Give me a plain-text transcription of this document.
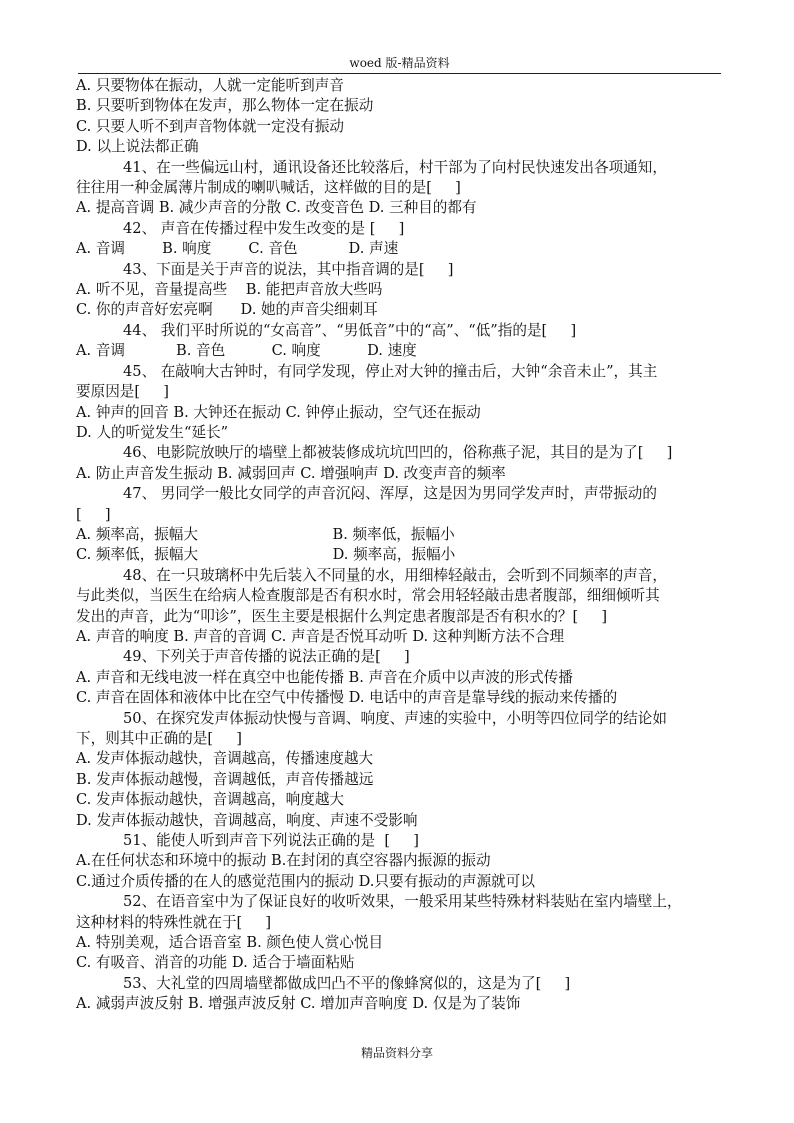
woed 版-精品资料
A. 只要物体在振动，人就一定能听到声音
B. 只要听到物体在发声，那么物体一定在振动
C. 只要人听不到声音物体就一定没有振动
D. 以上说法都正确
41、在一些偏远山村，通讯设备还比较落后，村干部为了向村民快速发出各项通知，
往往用一种金属薄片制成的喇叭喊话，这样做的目的是[     ]
A. 提高音调 B. 减少声音的分散 C. 改变音色 D. 三种目的都有
42、 声音在传播过程中发生改变的是 [     ]
A. 音调        B. 响度        C. 音色           D. 声速
43、下面是关于声音的说法，其中指音调的是[     ]
A. 听不见，音量提高些    B. 能把声音放大些吗
C. 你的声音好宏亮啊      D. 她的声音尖细刺耳
44、 我们平时所说的“女高音”、“男低音”中的“高”、“低”指的是[     ]
A. 音调           B. 音色          C. 响度          D. 速度
45、 在敲响大古钟时，有同学发现，停止对大钟的撞击后，大钟“余音未止”，其主
要原因是[     ]
A. 钟声的回音 B. 大钟还在振动 C. 钟停止振动，空气还在振动
D. 人的听觉发生“延长”
46、电影院放映厅的墙壁上都被装修成坑坑凹凹的，俗称燕子泥，其目的是为了[     ]
A. 防止声音发生振动 B. 减弱回声 C. 增强响声 D. 改变声音的频率
47、 男同学一般比女同学的声音沉闷、浑厚，这是因为男同学发声时，声带振动的
[     ]
A. 频率高，振幅大                             B. 频率低，振幅小
C. 频率低，振幅大                             D. 频率高，振幅小
48、在一只玻璃杯中先后装入不同量的水，用细棒轻敲击，会听到不同频率的声音，
与此类似，当医生在给病人检查腹部是否有积水时，常会用轻轻敲击患者腹部，细细倾听其
发出的声音，此为“叩诊”，医生主要是根据什么判定患者腹部是否有积水的？[     ]
A. 声音的响度 B. 声音的音调 C. 声音是否悦耳动听 D. 这种判断方法不合理
49、下列关于声音传播的说法正确的是[     ]
A. 声音和无线电波一样在真空中也能传播 B. 声音在介质中以声波的形式传播
C. 声音在固体和液体中比在空气中传播慢 D. 电话中的声音是靠导线的振动来传播的
50、在探究发声体振动快慢与音调、响度、声速的实验中，小明等四位同学的结论如
下，则其中正确的是[     ]
A. 发声体振动越快，音调越高，传播速度越大
B. 发声体振动越慢，音调越低，声音传播越远
C. 发声体振动越快，音调越高，响度越大
D. 发声体振动越快，音调越高，响度、声速不受影响
51、能使人听到声音下列说法正确的是  [     ]
A.在任何状态和环境中的振动 B.在封闭的真空容器内振源的振动
C.通过介质传播的在人的感觉范围内的振动 D.只要有振动的声源就可以
52、在语音室中为了保证良好的收听效果，一般采用某些特殊材料装贴在室内墙壁上，
这种材料的特殊性就在于[     ]
A. 特别美观，适合语音室 B. 颜色使人赏心悦目
C. 有吸音、消音的功能 D. 适合于墙面粘贴
53、大礼堂的四周墙壁都做成凹凸不平的像蜂窝似的，这是为了[     ]
A. 减弱声波反射 B. 增强声波反射 C. 增加声音响度 D. 仅是为了装饰
精品资料分享
